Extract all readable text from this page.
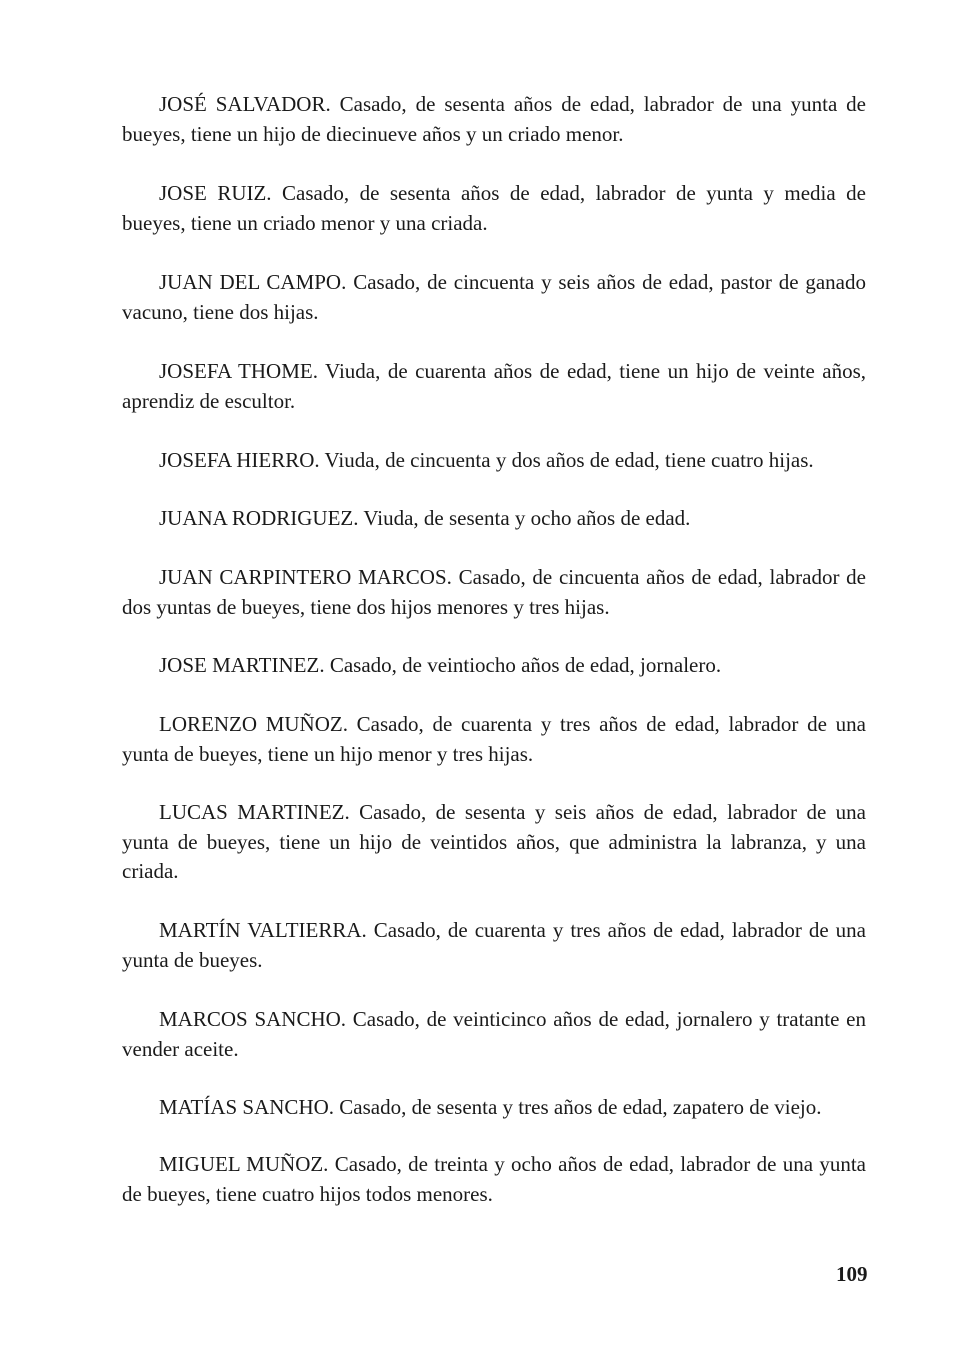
JOSÉ SALVADOR. Casado, de sesenta años de edad, labrador de una yunta de bueyes, tiene un hijo de diecinueve años y un criado menor.

JOSE RUIZ. Casado, de sesenta años de edad, labrador de yunta y media de bueyes, tiene un criado menor y una criada.

JUAN DEL CAMPO. Casado, de cincuenta y seis años de edad, pastor de ganado vacuno, tiene dos hijas.

JOSEFA THOME. Viuda, de cuarenta años de edad, tiene un hijo de veinte años, aprendiz de escultor.

JOSEFA HIERRO. Viuda, de cincuenta y dos años de edad, tiene cuatro hijas.

JUANA RODRIGUEZ. Viuda, de sesenta y ocho años de edad.

JUAN CARPINTERO MARCOS. Casado, de cincuenta años de edad, labrador de dos yuntas de bueyes, tiene dos hijos menores y tres hijas.

JOSE MARTINEZ. Casado, de veintiocho años de edad, jornalero.

LORENZO MUÑOZ. Casado, de cuarenta y tres años de edad, labrador de una yunta de bueyes, tiene un hijo menor y tres hijas.

LUCAS MARTINEZ. Casado, de sesenta y seis años de edad, labrador de una yunta de bueyes, tiene un hijo de veintidos años, que administra la labranza, y una criada.

MARTÍN VALTIERRA. Casado, de cuarenta y tres años de edad, labrador de una yunta de bueyes.

MARCOS SANCHO. Casado, de veinticinco años de edad, jornalero y tratante en vender aceite.

MATÍAS SANCHO. Casado, de sesenta y tres años de edad, zapatero de viejo.

MIGUEL MUÑOZ. Casado, de treinta y ocho años de edad, labrador de una yunta de bueyes, tiene cuatro hijos todos menores.

109
